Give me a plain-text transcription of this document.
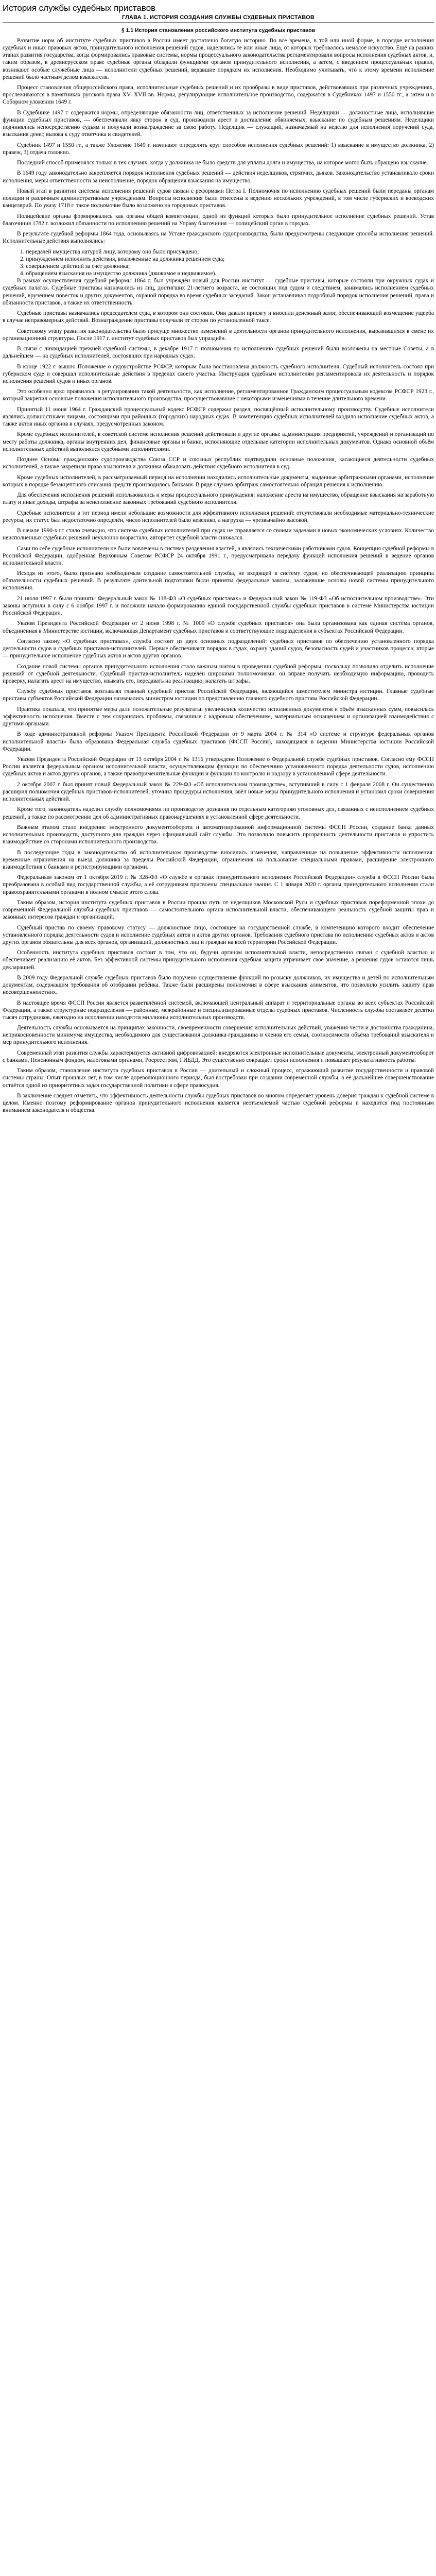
История службы судебных приставов
ГЛАВА 1. ИСТОРИЯ СОЗДАНИЯ СЛУЖБЫ СУДЕБНЫХ ПРИСТАВОВ
§ 1.1 История становления российского института судебных приставов

Развитие норм об институте судебных приставов в России имеет достаточно богатую историю. Во все времена, в той или иной форме, в порядке исполнения судебных и иных правовых актов, принудительного исполнения решений судов, наделялись те или иные лица, от которых требовалось немалое искусство. Ещё на ранних этапах развития государства, когда формировались правовые системы, нормы процессуального законодательства регламентировали вопросы исполнения судебных актов, и, таким образом, в древнерусском праве судебные органы обладали функциями органов принудительного исполнения, а затем, с введением процессуальных правил, возникают особые служебные лица — исполнители судебных решений, ведавшие порядком их исполнения. Необходимо учитывать, что к этому времени исполнение решений было частным делом взыскателя.

Процесс становления общероссийского права, исполнительные судебных решений и их прообразы в виде приставов, действовавших при различных учреждениях, прослеживаются в памятниках русского права XV–XVII вв. Нормы, регулирующие исполнительное производство, содержатся в Судебниках 1497 и 1550 гг., а затем и в Соборном уложении 1649 г.

В Судебнике 1497 г. содержатся нормы, определяющие обязанности лиц, ответственных за исполнение решений. Неделщики — должностные лица, исполнявшие функции судебных приставов, — обеспечивали явку сторон в суд, производили арест и доставление обвиняемых, взыскание по судебным решениям. Неделщики подчинялись непосредственно судьям и получали вознаграждение за свою работу. Неделщик — служащий, назначаемый на неделю для исполнения поручений суда, взыскания денег, вызова к суду ответчика и свидетелей.

Судебник 1497 и 1550 гг., а также Уложение 1649 г. начинают определять круг способов исполнения судебных решений: 1) взыскание в имущество должника, 2) правеж, 3) отдача головою.

Последний способ применялся только в тех случаях, когда у должника не было средств для уплаты долга и имущества, на которое могло быть обращено взыскание.

В 1649 году законодательно закрепляется порядок исполнения судебных решений — действия неделщиков, стряпчих, дьяков. Законодательство устанавливало сроки исполнения, меры ответственности за неисполнение, порядок обращения взыскания на имущество.

Новый этап в развитии системы исполнения решений судов связан с реформами Петра I. Полномочия по исполнению судебных решений были переданы органам полиции и различным административным учреждениям. Вопросы исполнения были отнесены к ведению нескольких учреждений, в том числе губернских и воеводских канцелярий. По указу 1718 г. такое полномочие было возложено на городовых приставов.

Полицейские органы формировались как органы общей компетенции, одной из функций которых было принудительное исполнение судебных решений. Устав благочиния 1782 г. возложил обязанности по исполнению решений на Управу благочиния — полицейский орган в городах.

В результате судебной реформы 1864 года, основываясь на Уставе гражданского судопроизводства, были предусмотрены следующие способы исполнения решений. Исполнительные действия выполнялись:

1. передачей имущества натурой лицу, которому оно было присуждено;

2. принуждением исполнить действия, возложенные на должника решением суда;

3. совершением действий за счёт должника;

4. обращением взыскания на имущество должника (движимое и недвижимое).

В рамках осуществления судебной реформы 1864 г. был учреждён новый для России институт — судебные приставы, которые состояли при окружных судах и судебных палатах. Судебные приставы назначались из лиц, достигших 21-летнего возраста, не состоящих под судом и следствием, занимались исполнением судебных решений, вручением повесток и других документов, охраной порядка во время судебных заседаний. Закон устанавливал подробный порядок исполнения решений, права и обязанности приставов, а также их ответственность.

Судебные приставы назначались председателем суда, в котором они состояли. Они давали присягу и вносили денежный залог, обеспечивающий возмещение ущерба в случае неправомерных действий. Вознаграждение приставы получали от сторон по установленной таксе.

Советскому этапу развития законодательства было присуще множество изменений в деятельности органов принудительного исполнения, выразившихся в смене их организационной структуры. После 1917 г. институт судебных приставов был упразднён.

В связи с ликвидацией прежней судебной системы, в декабре 1917 г. полномочия по исполнению судебных решений были возложены на местные Советы, а в дальнейшем — на судебных исполнителей, состоявших при народных судах.

В конце 1922 г. вышло Положение о судоустройстве РСФСР, которым была восстановлена должность судебного исполнителя. Судебный исполнитель состоял при губернском суде и совершал исполнительные действия в пределах своего участка. Инструкция судебным исполнителям регламентировала их деятельность и порядок исполнения решений судов и иных органов.

Это особенно ярко проявилось в регулировании такой деятельности, как исполнение, регламентированное Гражданским процессуальным кодексом РСФСР 1923 г., который закрепил основные положения исполнительного производства, просуществовавшие с некоторыми изменениями в течение длительного времени.

Принятый 11 июня 1964 г. Гражданский процессуальный кодекс РСФСР содержал раздел, посвящённый исполнительному производству. Судебные исполнители являлись должностными лицами, состоящими при районных (городских) народных судах. В компетенцию судебных исполнителей входило исполнение судебных актов, а также актов иных органов в случаях, предусмотренных законом.

Кроме судебных исполнителей, в советской системе исполнения решений действовали и другие органы: администрация предприятий, учреждений и организаций по месту работы должника, органы внутренних дел, финансовые органы и банки, исполняющие отдельные категории исполнительных документов. Однако основной объём исполнительных действий выполнялся судебными исполнителями.

Позднее Основы гражданского судопроизводства Союза ССР и союзных республик подтвердили основные положения, касающиеся деятельности судебных исполнителей, а также закрепили право взыскателя и должника обжаловать действия судебного исполнителя в суд.

Кроме судебных исполнителей, в рассматриваемый период на исполнении находились исполнительные документы, выданные арбитражными органами, исполнение которых в порядке безакцептного списания средств производилось банками. В ряде случаев арбитраж самостоятельно обращал решения к исполнению.

Для обеспечения исполнения решений использовались и меры процессуального принуждения: наложение ареста на имущество, обращение взыскания на заработную плату и иные доходы, штрафы за неисполнение законных требований судебного исполнителя.

Судебные исполнители в тот период имели небольшие возможности для эффективного исполнения решений: отсутствовали необходимые материально-технические ресурсы, их статус был недостаточно определён, число исполнителей было невелико, а нагрузка — чрезвычайно высокой.

В начале 1990-х гг. стало очевидно, что система судебных исполнителей при судах не справляется со своими задачами в новых экономических условиях. Количество неисполненных судебных решений неуклонно возрастало, авторитет судебной власти снижался.

Сами по себе судебные исполнители не были вовлечены в систему разделения властей, а являлись техническими работниками судов. Концепция судебной реформы в Российской Федерации, одобренная Верховным Советом РСФСР 24 октября 1991 г., предусматривала передачу функций исполнения решений в ведение органов исполнительной власти.

Исходя из этого, было признано необходимым создание самостоятельной службы, не входящей в систему судов, но обеспечивающей реализацию принципа обязательности судебных решений. В результате длительной подготовки были приняты федеральные законы, заложившие основы новой системы принудительного исполнения.

21 июля 1997 г. были приняты Федеральный закон № 118-ФЗ «О судебных приставах» и Федеральный закон № 119-ФЗ «Об исполнительном производстве». Эти законы вступили в силу с 6 ноября 1997 г. и положили начало формированию единой государственной службы судебных приставов в системе Министерства юстиции Российской Федерации.

Указом Президента Российской Федерации от 2 июня 1998 г. № 1009 «О службе судебных приставов» она была организована как единая система органов, объединённая в Министерстве юстиции, включающая Департамент судебных приставов и соответствующие подразделения в субъектах Российской Федерации.

Согласно закону «О судебных приставах», служба состоит из двух основных подразделений: судебных приставов по обеспечению установленного порядка деятельности судов и судебных приставов-исполнителей. Первые обеспечивают порядок в судах, охрану зданий судов, безопасность судей и участников процесса; вторые — принудительное исполнение судебных актов и актов других органов.

Создание новой системы органов принудительного исполнения стало важным шагом в проведении судебной реформы, поскольку позволило отделить исполнение решений от судебной деятельности. Судебный пристав-исполнитель наделён широкими полномочиями: он вправе получать необходимую информацию, проводить проверку, налагать арест на имущество, изымать его, передавать на реализацию, налагать штрафы.

Службу судебных приставов возглавлял главный судебный пристав Российской Федерации, являющийся заместителем министра юстиции. Главные судебные приставы субъектов Российской Федерации назначались министром юстиции по представлению главного судебного пристава Российской Федерации.

Практика показала, что принятые меры дали положительные результаты: увеличились количество исполненных документов и объём взысканных сумм, повысилась эффективность исполнения. Вместе с тем сохранялись проблемы, связанные с кадровым обеспечением, материальным оснащением и организацией взаимодействия с другими органами.

В ходе административной реформы Указом Президента Российской Федерации от 9 марта 2004 г. № 314 «О системе и структуре федеральных органов исполнительной власти» была образована Федеральная служба судебных приставов (ФССП России), находящаяся в ведении Министерства юстиции Российской Федерации.

Указом Президента Российской Федерации от 13 октября 2004 г. № 1316 утверждено Положение о Федеральной службе судебных приставов. Согласно ему ФССП России является федеральным органом исполнительной власти, осуществляющим функции по обеспечению установленного порядка деятельности судов, исполнению судебных актов и актов других органов, а также правоприменительные функции и функции по контролю и надзору в установленной сфере деятельности.

2 октября 2007 г. был принят новый Федеральный закон № 229-ФЗ «Об исполнительном производстве», вступивший в силу с 1 февраля 2008 г. Он существенно расширил полномочия судебных приставов-исполнителей, уточнил процедуры исполнения, ввёл новые меры принудительного исполнения и установил сроки совершения исполнительных действий.

Кроме того, законодатель наделил службу полномочиями по производству дознания по отдельным категориям уголовных дел, связанных с неисполнением судебных решений, а также по рассмотрению дел об административных правонарушениях в установленной сфере деятельности.

Важным этапом стало внедрение электронного документооборота и автоматизированной информационной системы ФССП России, создание банка данных исполнительных производств, доступного для граждан через официальный сайт службы. Это позволило повысить прозрачность деятельности приставов и упростить взаимодействие со сторонами исполнительного производства.

В последующие годы в законодательство об исполнительном производстве вносились изменения, направленные на повышение эффективности исполнения: временные ограничения на выезд должника за пределы Российской Федерации, ограничения на пользование специальными правами, расширение электронного взаимодействия с банками и регистрирующими органами.

Федеральным законом от 1 октября 2019 г. № 328-ФЗ «О службе в органах принудительного исполнения Российской Федерации» служба в ФССП России была преобразована в особый вид государственной службы, а её сотрудникам присвоены специальные звания. С 1 января 2020 г. органы принудительного исполнения стали правоохранительными органами в полном смысле этого слова.

Таким образом, история института судебных приставов в России прошла путь от неделщиков Московской Руси и судебных приставов пореформенной эпохи до современной Федеральной службы судебных приставов — самостоятельного органа исполнительной власти, обеспечивающего реальность судебной защиты прав и законных интересов граждан и организаций.

Судебный пристав по своему правовому статусу — должностное лицо, состоящее на государственной службе, в компетенцию которого входит обеспечение установленного порядка деятельности судов и исполнение судебных актов и актов других органов. Требования судебного пристава по исполнению судебных актов и актов других органов обязательны для всех органов, организаций, должностных лиц и граждан на всей территории Российской Федерации.

Особенность института судебных приставов состоит в том, что он, будучи органом исполнительной власти, непосредственно связан с судебной властью и обеспечивает реализацию её актов. Без эффективной системы принудительного исполнения судебная защита утрачивает своё значение, а решения судов остаются лишь декларацией.

В 2009 году Федеральной службе судебных приставов было поручено осуществление функций по розыску должников, их имущества и детей по исполнительным документам, содержащим требования об отобрании ребёнка. Также были расширены полномочия в сфере взыскания алиментов, что позволило усилить защиту прав несовершеннолетних.

В настоящее время ФССП России является разветвлённой системой, включающей центральный аппарат и территориальные органы во всех субъектах Российской Федерации, а также структурные подразделения — районные, межрайонные и специализированные отделы судебных приставов. Численность службы составляет десятки тысяч сотрудников, ежегодно на исполнении находятся миллионы исполнительных производств.

Деятельность службы основывается на принципах законности, своевременности совершения исполнительных действий, уважения чести и достоинства гражданина, неприкосновенности минимума имущества, необходимого для существования должника-гражданина и членов его семьи, соотносимости объёма требований взыскателя и мер принудительного исполнения.

Современный этап развития службы характеризуется активной цифровизацией: внедряются электронные исполнительные документы, электронный документооборот с банками, Пенсионным фондом, налоговыми органами, Росреестром, ГИБДД. Это существенно сокращает сроки исполнения и повышает результативность работы.

Таким образом, становление института судебных приставов в России — длительный и сложный процесс, отражающий развитие государственности и правовой системы страны. Опыт прошлых лет, в том числе дореволюционного периода, был востребован при создании современной службы, а её дальнейшее совершенствование остаётся одной из приоритетных задач государственной политики в сфере правосудия.

В заключение следует отметить, что эффективность деятельности службы судебных приставов во многом определяет уровень доверия граждан к судебной системе в целом. Именно поэтому реформирование органов принудительного исполнения является неотъемлемой частью судебной реформы и находится под постоянным вниманием законодателя и общества.
